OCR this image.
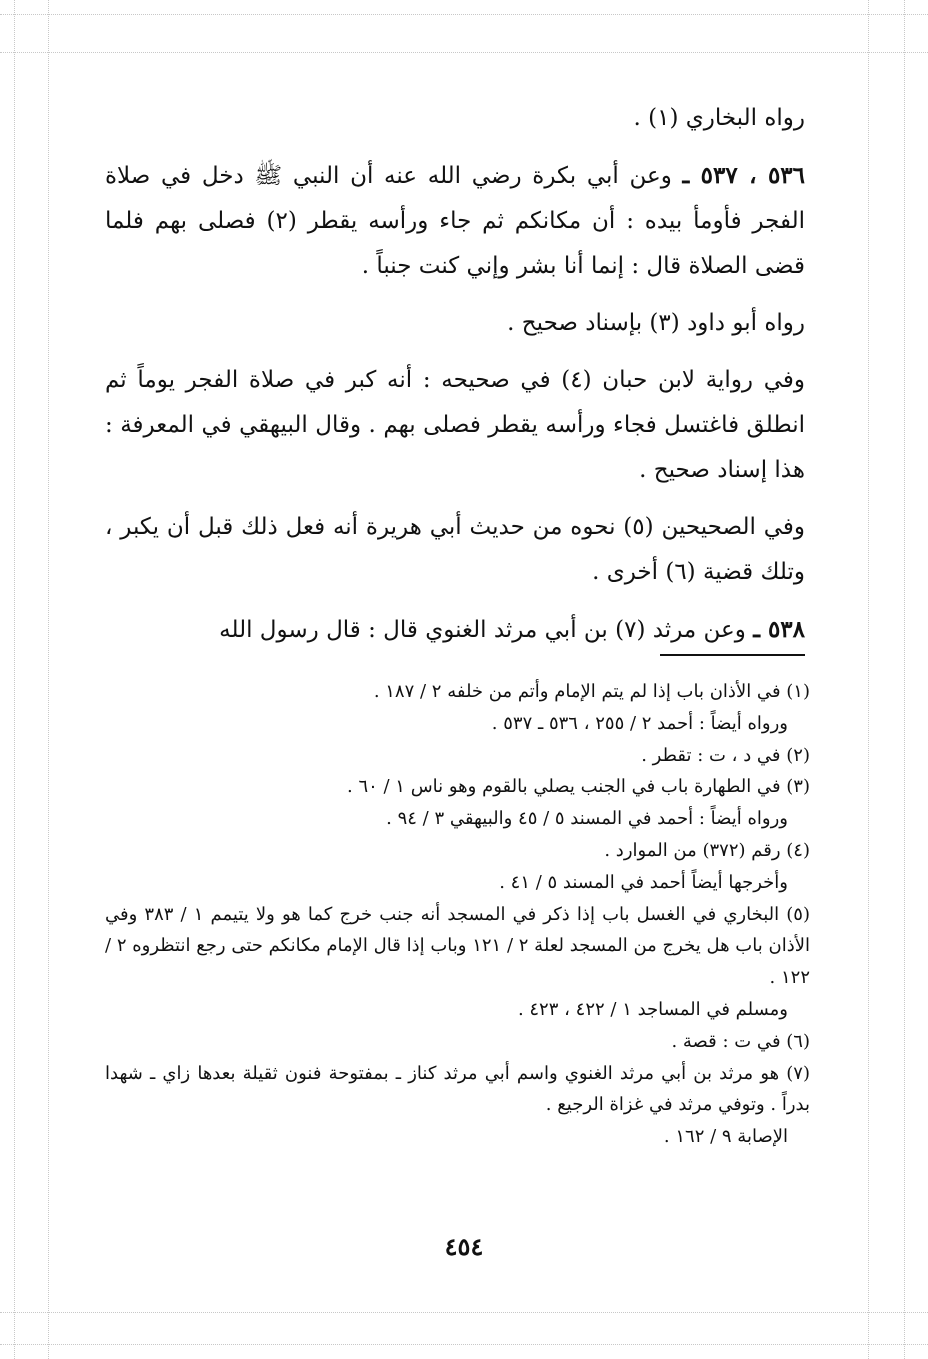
رواه البخاري (١) .

٥٣٦ ، ٥٣٧ ـ وعن أبي بكرة رضي الله عنه أن النبي ﷺ دخل في صلاة الفجر فأومأ بيده : أن مكانكم ثم جاء ورأسه يقطر (٢) فصلى بهم فلما قضى الصلاة قال : إنما أنا بشر وإني كنت جنباً .

رواه أبو داود (٣) بإسناد صحيح .

وفي رواية لابن حبان (٤) في صحيحه : أنه كبر في صلاة الفجر يوماً ثم انطلق فاغتسل فجاء ورأسه يقطر فصلى بهم . وقال البيهقي في المعرفة : هذا إسناد صحيح .

وفي الصحيحين (٥) نحوه من حديث أبي هريرة أنه فعل ذلك قبل أن يكبر ، وتلك قضية (٦) أخرى .

٥٣٨ ـ وعن مرثد (٧) بن أبي مرثد الغنوي قال : قال رسول الله

(١) في الأذان باب إذا لم يتم الإمام وأتم من خلفه ٢ / ١٨٧ .
ورواه أيضاً : أحمد ٢ / ٢٥٥ ، ٥٣٦ ـ ٥٣٧ .
(٢) في د ، ت : تقطر .
(٣) في الطهارة باب في الجنب يصلي بالقوم وهو ناس ١ / ٦٠ .
ورواه أيضاً : أحمد في المسند ٥ / ٤٥ والبيهقي ٣ / ٩٤ .
(٤) رقم (٣٧٢) من الموارد .
وأخرجها أيضاً أحمد في المسند ٥ / ٤١ .
(٥) البخاري في الغسل باب إذا ذكر في المسجد أنه جنب خرج كما هو ولا يتيمم ١ / ٣٨٣ وفي الأذان باب هل يخرج من المسجد لعلة ٢ / ١٢١ وباب إذا قال الإمام مكانكم حتى رجع انتظروه ٢ / ١٢٢ .
ومسلم في المساجد ١ / ٤٢٢ ، ٤٢٣ .
(٦) في ت : قصة .
(٧) هو مرثد بن أبي مرثد الغنوي واسم أبي مرثد كناز ـ بمفتوحة فنون ثقيلة بعدها زاي ـ شهدا بدراً . وتوفي مرثد في غزاة الرجيع .
الإصابة ٩ / ١٦٢ .
٤٥٤
